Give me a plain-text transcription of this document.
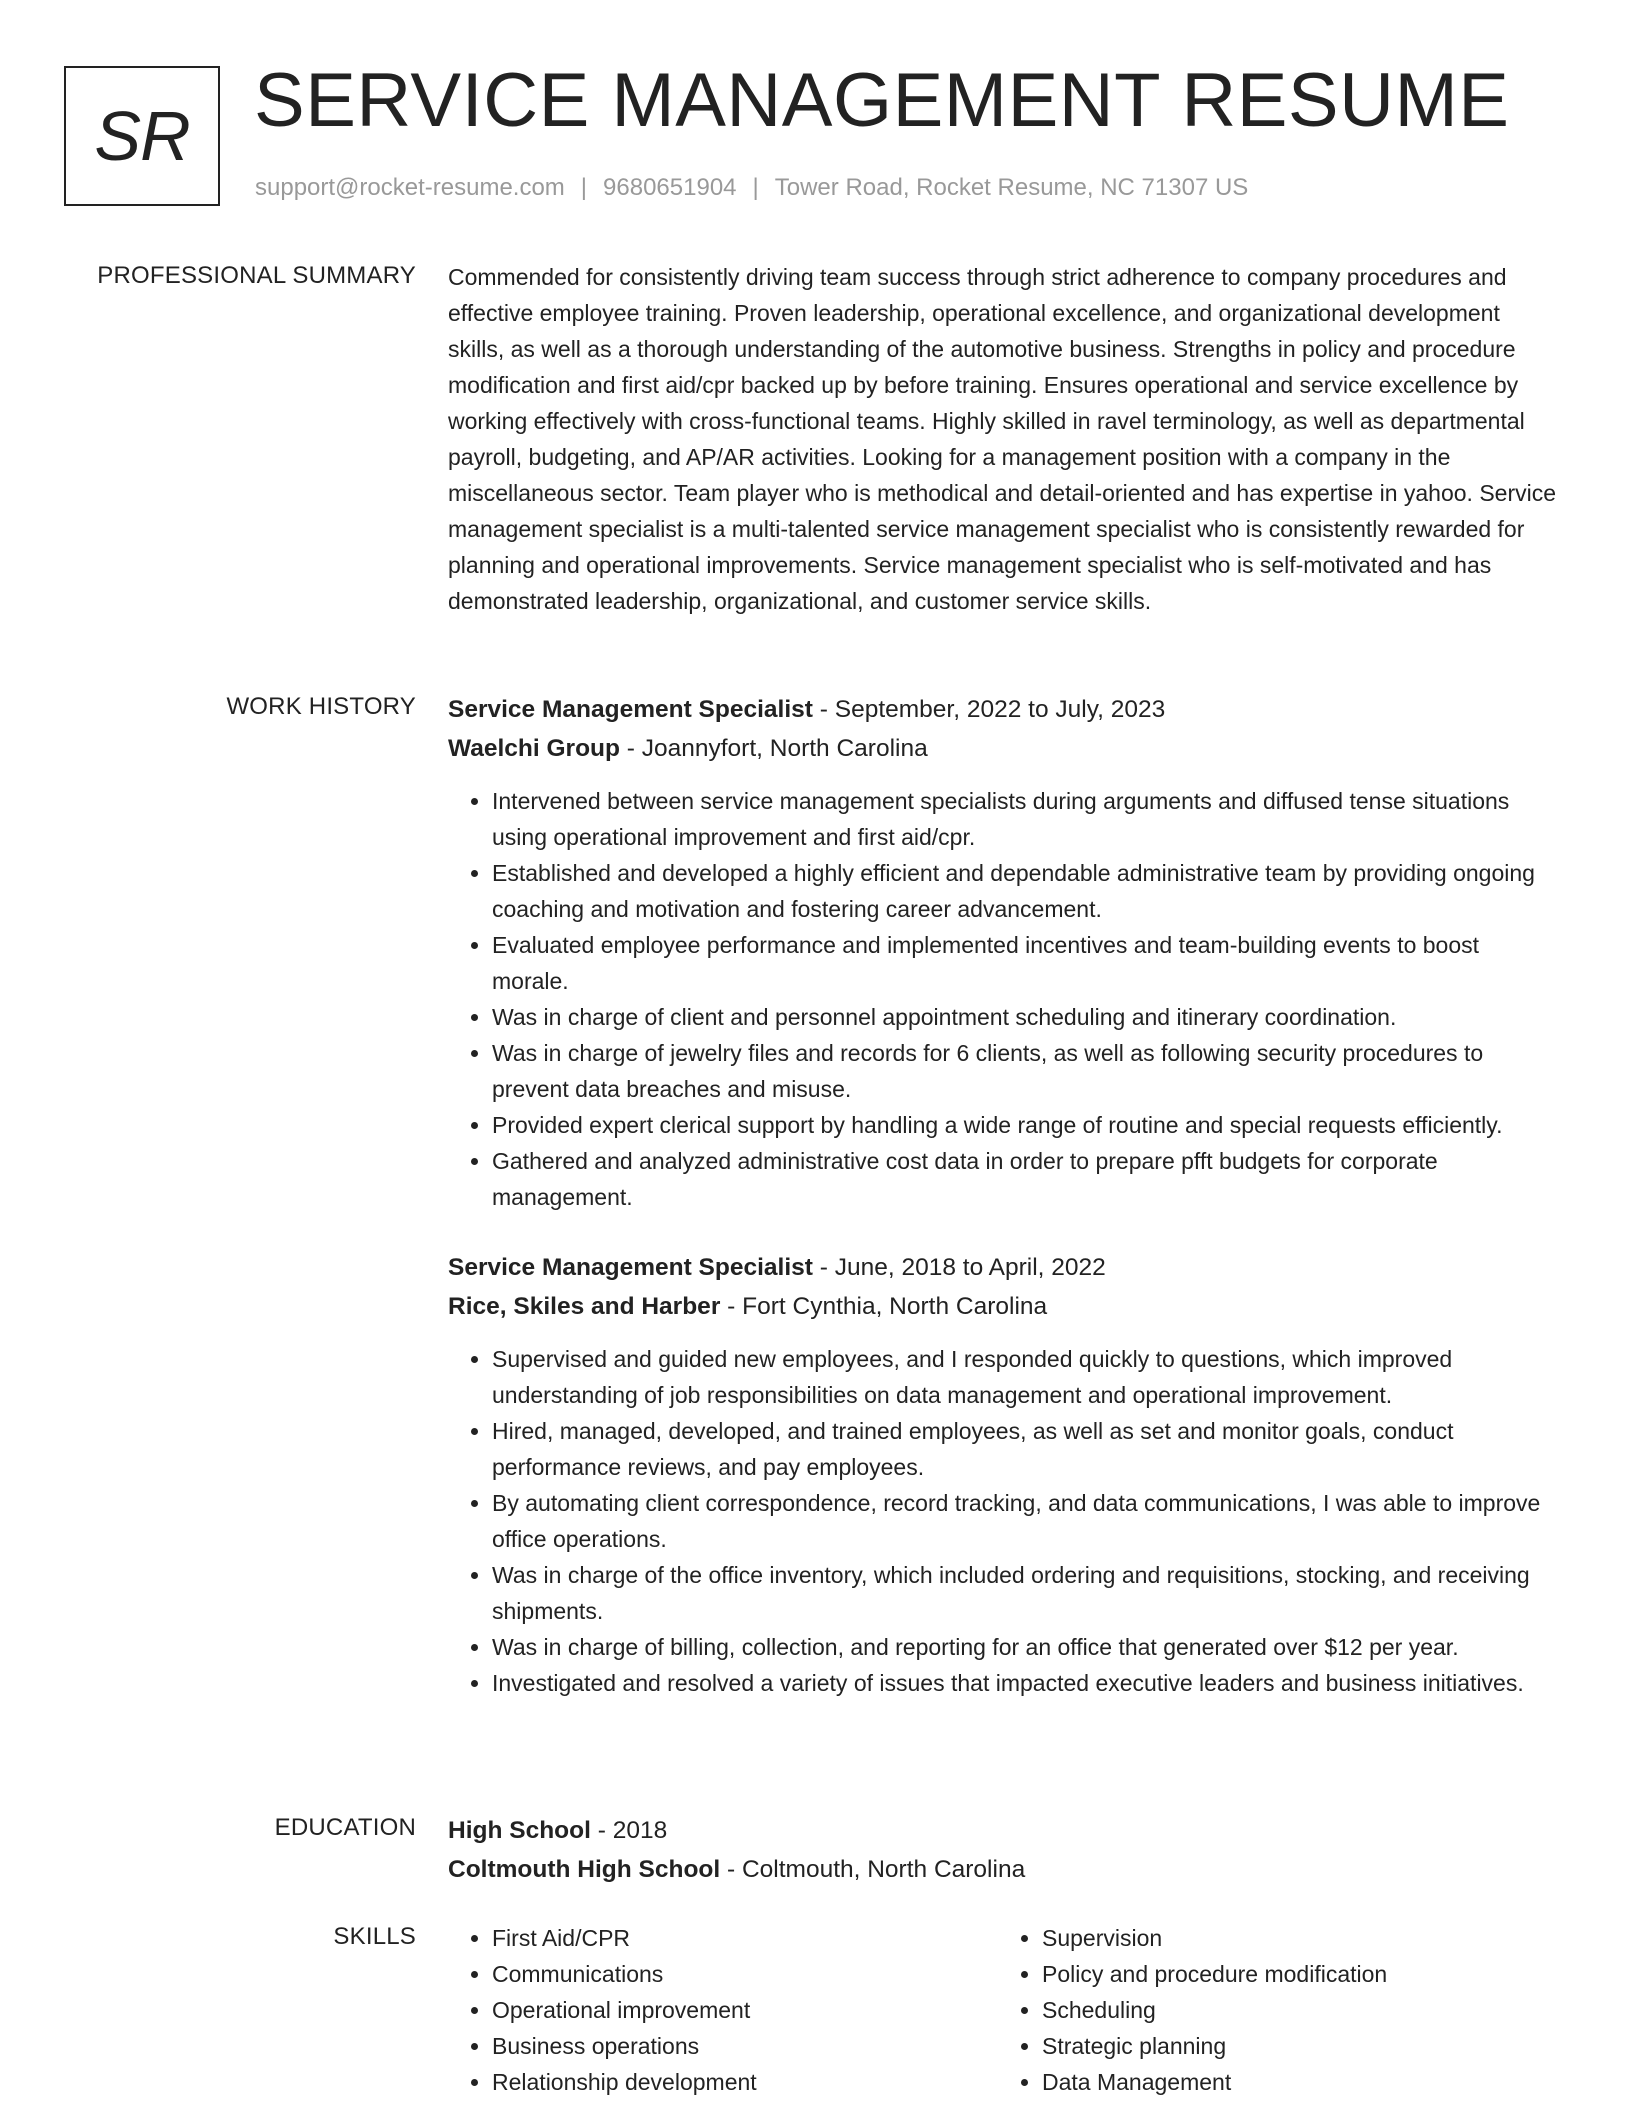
SR SERVICE MANAGEMENT RESUME
support@rocket-resume.com | 9680651904 | Tower Road, Rocket Resume, NC 71307 US
PROFESSIONAL SUMMARY Commended for consistently driving team success through strict adherence to company procedures and effective employee training. Proven leadership, operational excellence, and organizational development skills, as well as a thorough understanding of the automotive business. Strengths in policy and procedure modification and first aid/cpr backed up by before training. Ensures operational and service excellence by working effectively with cross-functional teams. Highly skilled in ravel terminology, as well as departmental payroll, budgeting, and AP/AR activities. Looking for a management position with a company in the miscellaneous sector. Team player who is methodical and detail-oriented and has expertise in yahoo. Service management specialist is a multi-talented service management specialist who is consistently rewarded for planning and operational improvements. Service management specialist who is self-motivated and has demonstrated leadership, organizational, and customer service skills.
WORK HISTORY Service Management Specialist - September, 2022 to July, 2023
Waelchi Group - Joannyfort, North Carolina
• Intervened between service management specialists during arguments and diffused tense situations using operational improvement and first aid/cpr.
• Established and developed a highly efficient and dependable administrative team by providing ongoing coaching and motivation and fostering career advancement.
• Evaluated employee performance and implemented incentives and team-building events to boost morale.
• Was in charge of client and personnel appointment scheduling and itinerary coordination.
• Was in charge of jewelry files and records for 6 clients, as well as following security procedures to prevent data breaches and misuse.
• Provided expert clerical support by handling a wide range of routine and special requests efficiently.
• Gathered and analyzed administrative cost data in order to prepare pfft budgets for corporate management.
Service Management Specialist - June, 2018 to April, 2022
Rice, Skiles and Harber - Fort Cynthia, North Carolina
• Supervised and guided new employees, and I responded quickly to questions, which improved understanding of job responsibilities on data management and operational improvement.
• Hired, managed, developed, and trained employees, as well as set and monitor goals, conduct performance reviews, and pay employees.
• By automating client correspondence, record tracking, and data communications, I was able to improve office operations.
• Was in charge of the office inventory, which included ordering and requisitions, stocking, and receiving shipments.
• Was in charge of billing, collection, and reporting for an office that generated over $12 per year.
• Investigated and resolved a variety of issues that impacted executive leaders and business initiatives.
EDUCATION High School - 2018
Coltmouth High School - Coltmouth, North Carolina
SKILLS
•	First Aid/CPR
• Communications
• Operational improvement
• Business operations
• Relationship development
• Supervision
• Policy and procedure modification
• Scheduling
• Strategic planning
• Data Management
